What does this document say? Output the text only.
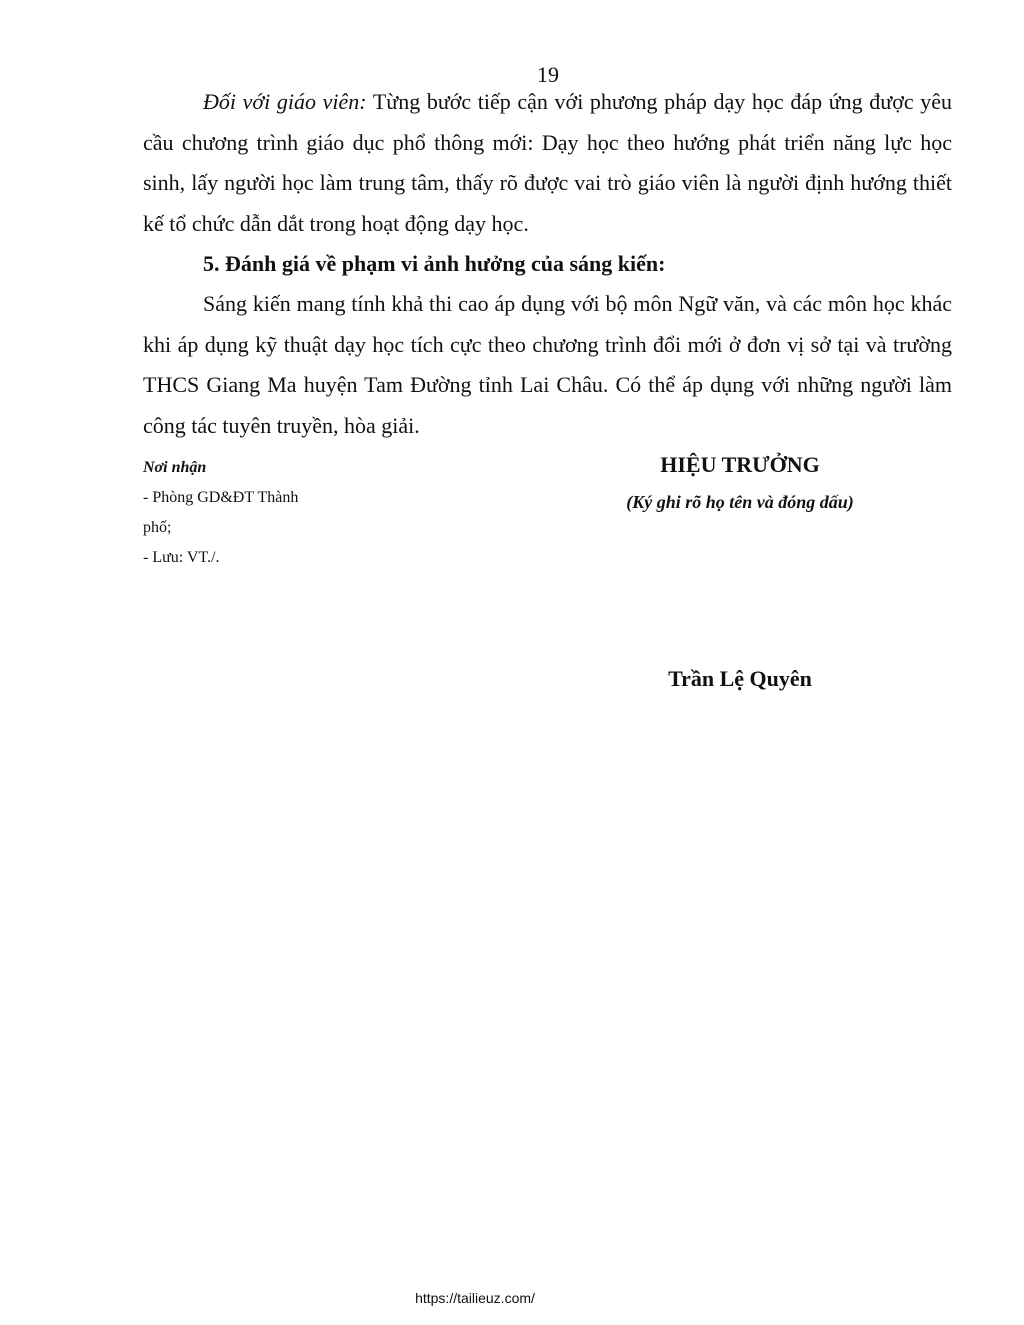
19

Đối với giáo viên: Từng bước tiếp cận với phương pháp dạy học đáp ứng được yêu cầu chương trình giáo dục phổ thông mới: Dạy học theo hướng phát triển năng lực học sinh, lấy người học làm trung tâm, thấy rõ được vai trò giáo viên là người định hướng thiết kế tổ chức dẫn dắt trong hoạt động dạy học.

5. Đánh giá về phạm vi ảnh hưởng của sáng kiến:

Sáng kiến mang tính khả thi cao áp dụng với bộ môn Ngữ văn, và các môn học khác khi áp dụng kỹ thuật dạy học tích cực theo chương trình đổi mới ở đơn vị sở tại và trường THCS Giang Ma huyện Tam Đường tỉnh Lai Châu. Có thể áp dụng với những người làm công tác tuyên truyền, hòa giải.

Nơi nhận
- Phòng GD&ĐT Thành
phố;
- Lưu: VT./.
HIỆU TRƯỞNG
(Ký ghi rõ họ tên và đóng dấu)
Trần Lệ Quyên
https://tailieuz.com/
